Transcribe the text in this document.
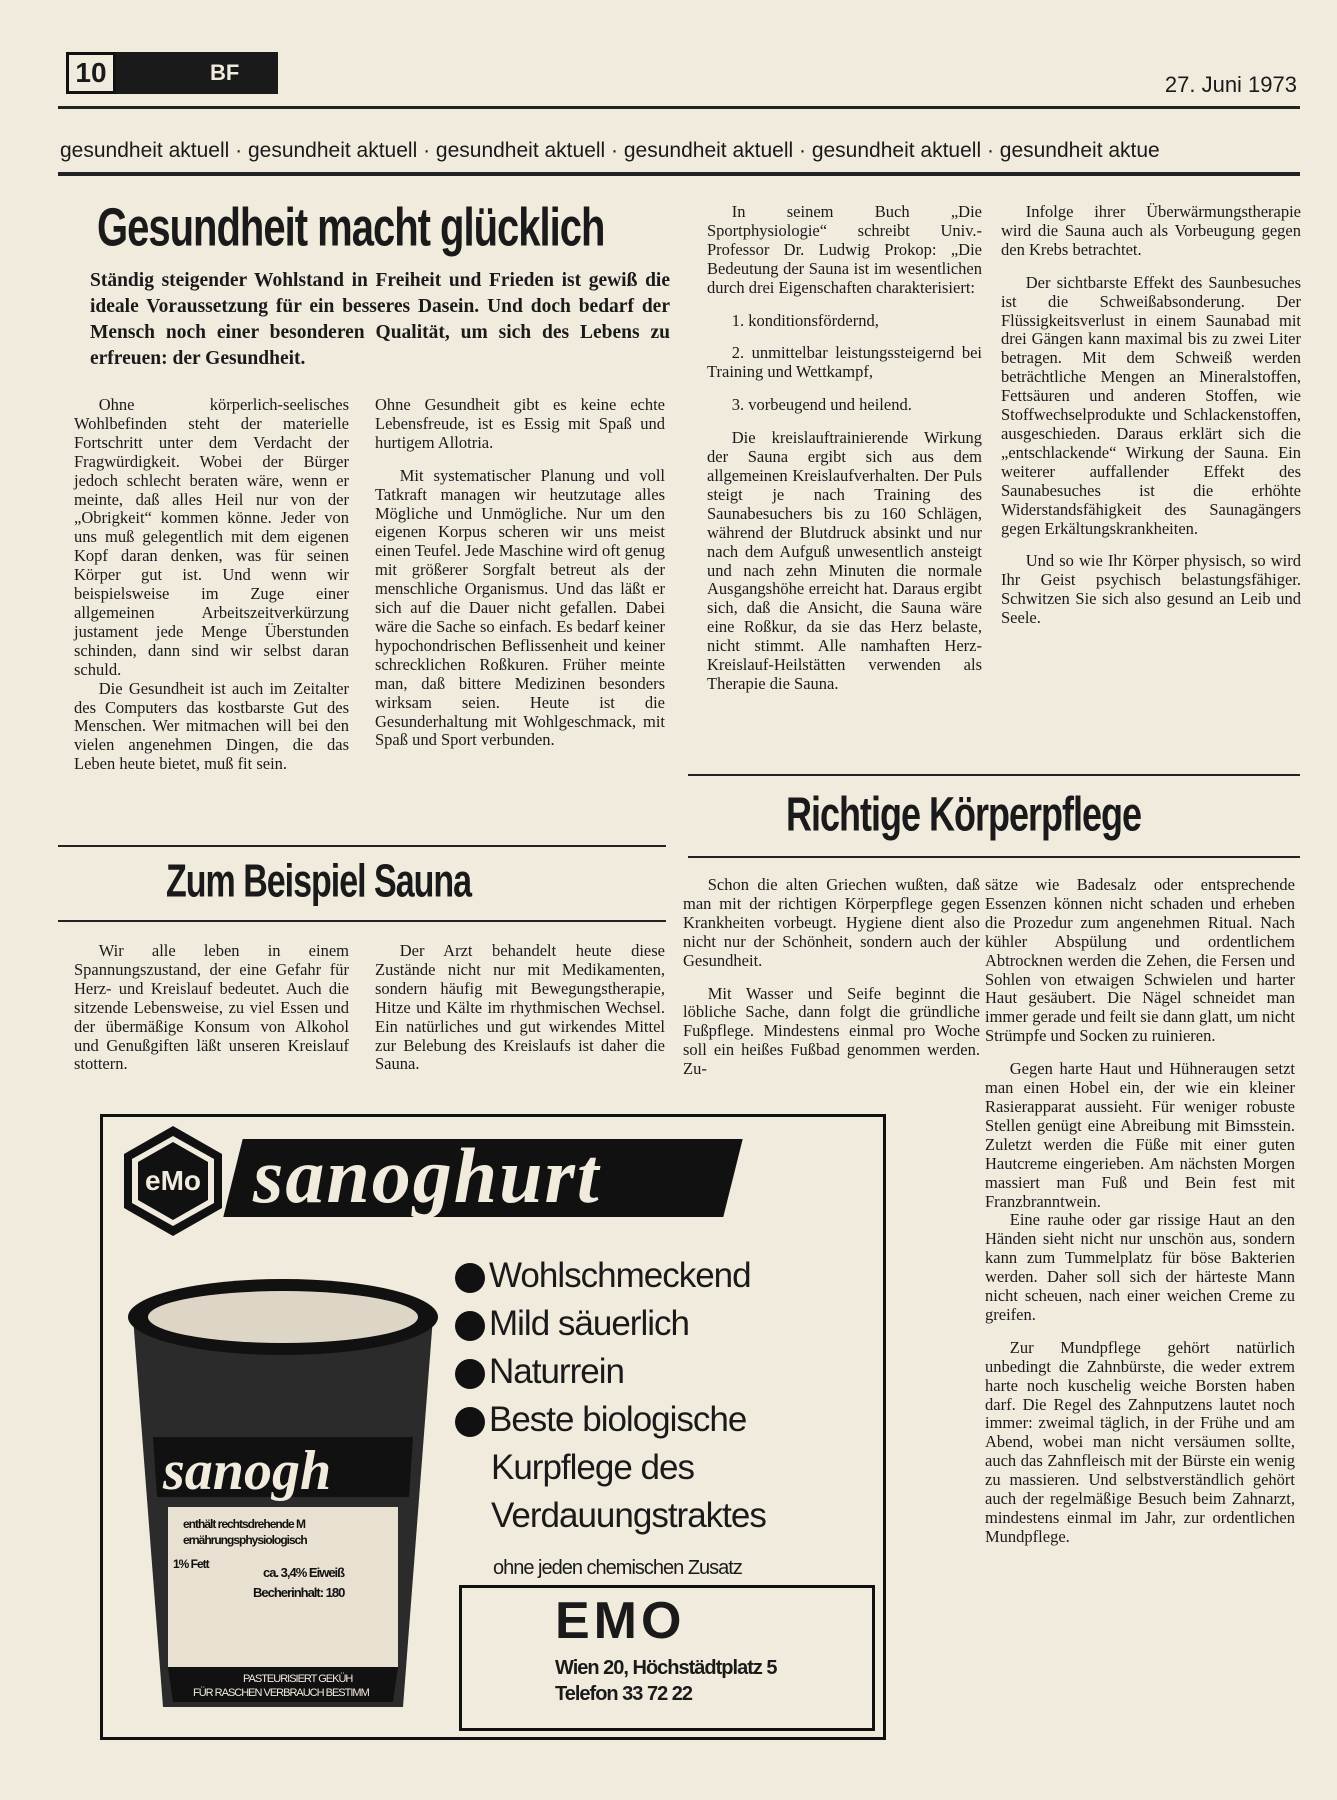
BF
10	27. Juni 1973
gesundheit aktuell · gesundheit aktuell · gesundheit aktuell · gesundheit aktuell · gesundheit aktuell · gesundheit aktue
Gesundheit macht glücklich
Ständig steigender Wohlstand in Freiheit und Frieden ist gewiß die ideale Voraussetzung für ein besseres Dasein. Und doch bedarf der Mensch noch einer besonderen Qualität, um sich des Lebens zu erfreuen: der Gesundheit.

Ohne körperlich-seelisches Wohlbefinden steht der materielle Fortschritt unter dem Verdacht der Fragwürdigkeit. Wobei der Bürger jedoch schlecht beraten wäre, wenn er meinte, daß alles Heil nur von der „Obrigkeit“ kommen könne. Jeder von uns muß gelegentlich mit dem eigenen Kopf daran denken, was für seinen Körper gut ist. Und wenn wir beispielsweise im Zuge einer allgemeinen Arbeitszeitverkürzung justament jede Menge Überstunden schinden, dann sind wir selbst daran schuld.

Die Gesundheit ist auch im Zeitalter des Computers das kostbarste Gut des Menschen. Wer mitmachen will bei den vielen angenehmen Dingen, die das Leben heute bietet, muß fit sein.

Ohne Gesundheit gibt es keine echte Lebensfreude, ist es Essig mit Spaß und hurtigem Allotria.

Mit systematischer Planung und voll Tatkraft managen wir heutzutage alles Mögliche und Unmögliche. Nur um den eigenen Korpus scheren wir uns meist einen Teufel. Jede Maschine wird oft genug mit größerer Sorgfalt betreut als der menschliche Organismus. Und das läßt er sich auf die Dauer nicht gefallen. Dabei wäre die Sache so einfach. Es bedarf keiner hypochondrischen Beflissenheit und keiner schrecklichen Roßkuren. Früher meinte man, daß bittere Medizinen besonders wirksam seien. Heute ist die Gesunderhaltung mit Wohlgeschmack, mit Spaß und Sport verbunden.

In seinem Buch „Die Sportphysiologie“ schreibt Univ.-Professor Dr. Ludwig Prokop: „Die Bedeutung der Sauna ist im wesentlichen durch drei Eigenschaften charakterisiert:

1. konditionsfördernd,

2. unmittelbar leistungssteigernd bei Training und Wettkampf,

3. vorbeugend und heilend.

Die kreislauftrainierende Wirkung der Sauna ergibt sich aus dem allgemeinen Kreislaufverhalten. Der Puls steigt je nach Training des Saunabesuchers bis zu 160 Schlägen, während der Blutdruck absinkt und nur nach dem Aufguß unwesentlich ansteigt und nach zehn Minuten die normale Ausgangshöhe erreicht hat. Daraus ergibt sich, daß die Ansicht, die Sauna wäre eine Roßkur, da sie das Herz belaste, nicht stimmt. Alle namhaften Herz-Kreislauf-Heilstätten verwenden als Therapie die Sauna.

Infolge ihrer Überwärmungstherapie wird die Sauna auch als Vorbeugung gegen den Krebs betrachtet.

Der sichtbarste Effekt des Saunbesuches ist die Schweißabsonderung. Der Flüssigkeitsverlust in einem Saunabad mit drei Gängen kann maximal bis zu zwei Liter betragen. Mit dem Schweiß werden beträchtliche Mengen an Mineralstoffen, Fettsäuren und anderen Stoffen, wie Stoffwechselprodukte und Schlackenstoffen, ausgeschieden. Daraus erklärt sich die „entschlackende“ Wirkung der Sauna. Ein weiterer auffallender Effekt des Saunabesuches ist die erhöhte Widerstandsfähigkeit des Saunagängers gegen Erkältungskrankheiten.

Und so wie Ihr Körper physisch, so wird Ihr Geist psychisch belastungsfähiger. Schwitzen Sie sich also gesund an Leib und Seele.

Zum Beispiel Sauna

Wir alle leben in einem Spannungszustand, der eine Gefahr für Herz- und Kreislauf bedeutet. Auch die sitzende Lebensweise, zu viel Essen und der übermäßige Konsum von Alkohol und Genußgiften läßt unseren Kreislauf stottern.

Der Arzt behandelt heute diese Zustände nicht nur mit Medikamenten, sondern häufig mit Bewegungstherapie, Hitze und Kälte im rhythmischen Wechsel. Ein natürliches und gut wirkendes Mittel zur Belebung des Kreislaufs ist daher die Sauna.

Richtige Körperpflege

Schon die alten Griechen wußten, daß man mit der richtigen Körperpflege gegen Krankheiten vorbeugt. Hygiene dient also nicht nur der Schönheit, sondern auch der Gesundheit.

Mit Wasser und Seife beginnt die löbliche Sache, dann folgt die gründliche Fußpflege. Mindestens einmal pro Woche soll ein heißes Fußbad genommen werden. Zu-

sätze wie Badesalz oder entsprechende Essenzen können nicht schaden und erheben die Prozedur zum angenehmen Ritual. Nach kühler Abspülung und ordentlichem Abtrocknen werden die Zehen, die Fersen und Sohlen von etwaigen Schwielen und harter Haut gesäubert. Die Nägel schneidet man immer gerade und feilt sie dann glatt, um nicht Strümpfe und Socken zu ruinieren.

Gegen harte Haut und Hühneraugen setzt man einen Hobel ein, der wie ein kleiner Rasierapparat aussieht. Für weniger robuste Stellen genügt eine Abreibung mit Bimsstein. Zuletzt werden die Füße mit einer guten Hautcreme eingerieben. Am nächsten Morgen massiert man Fuß und Bein fest mit Franzbranntwein.

Eine rauhe oder gar rissige Haut an den Händen sieht nicht nur unschön aus, sondern kann zum Tummelplatz für böse Bakterien werden. Daher soll sich der härteste Mann nicht scheuen, nach einer weichen Creme zu greifen.

Zur Mundpflege gehört natürlich unbedingt die Zahnbürste, die weder extrem harte noch kuschelig weiche Borsten haben darf. Die Regel des Zahnputzens lautet noch immer: zweimal täglich, in der Frühe und am Abend, wobei man nicht versäumen sollte, auch das Zahnfleisch mit der Bürste ein wenig zu massieren. Und selbstverständlich gehört auch der regelmäßige Besuch beim Zahnarzt, mindestens einmal im Jahr, zur ordentlichen Mundpflege.

eMo sanoghurt
sanogh
enthält rechtsdrehende M
ernährungsphysiologisch
1% Fett
ca. 3,4% Eiweiß
Becherinhalt: 180
PASTEURISIERT GEKÜH
FÜR RASCHEN VERBRAUCH BESTIMM
Wohlschmeckend
Mild säuerlich
Naturrein
Beste biologische
Kurpflege des
Verdauungstraktes
ohne jeden chemischen Zusatz
EMO
Wien 20, Höchstädtplatz 5
Telefon 33 72 22
